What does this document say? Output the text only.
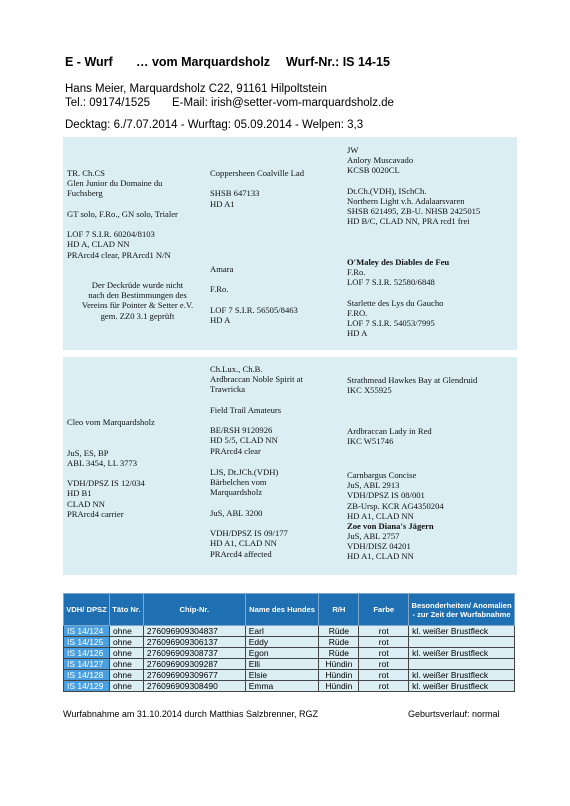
E - Wurf … vom Marquardsholz Wurf-Nr.: IS 14-15
Hans Meier, Marquardsholz C22, 91161 Hilpoltstein
Tel.: 09174/1525 E-Mail: irish@setter-vom-marquardsholz.de
Decktag: 6./7.07.2014 - Wurftag: 05.09.2014 - Welpen: 3,3
TR. Ch.CS
Glen Junior du Domaine du
Fuchsberg

GT solo, F.Ro., GN solo, Trialer

LOF 7 S.I.R. 60204/8103
HD A, CLAD NN
PRArcd4 clear, PRArcd1 N/N
Der Deckrüde wurde nicht
nach den Bestimmungen des
Vereins für Pointer & Setter e.V.
gem. ZZ0 3.1 geprüft
Coppersheen Coalville Lad

SHSB 647133
HD A1
Amara

F.Ro.

LOF 7 S.I.R. 56505/8463
HD A
JW
Anlory Muscavado
KCSB 0020CL

Dt.Ch.(VDH), ISchCh.
Northern Light v.h. Adalaarsvaren
SHSB 621495, ZB-U. NHSB 2425015
HD B/C, CLAD NN, PRA rcd1 frei
O'Maley des Diables de Feu
F.Ro.
LOF 7 S.I.R. 52580/6848

Starlette des Lys du Gaucho
F.RO.
LOF 7 S.I.R. 54053/7995
HD A
Cleo vom Marquardsholz

JuS, ES, BP
ABL 3454, LL 3773

VDH/DPSZ IS 12/034
HD B1
CLAD NN
PRArcd4 carrier
Ch.Lux., Ch.B.
Ardbraccan Noble Spirit at
Trawricka

Field Trail Amateurs

BE/RSH 9120926
HD 5/5, CLAD NN
PRArcd4 clear
LJS, Dt.JCh.(VDH)
Bärbelchen vom
Marquardsholz

JuS, ABL 3200

VDH/DPSZ IS 09/177
HD A1, CLAD NN
PRArcd4 affected
Strathmead Hawkes Bay at Glendruid
IKC X55925

Ardbraccan Lady in Red
IKC W51746
Carnbargus Concise
JuS, ABL 2913
VDH/DPSZ IS 08/001
ZB-Ursp. KCR AG4350204
HD A1, CLAD NN
Zoe von Diana's Jägern
JuS, ABL 2757
VDH/DISZ 04201
HD A1, CLAD NN
VDH/ DPSZ	Täto Nr.	Chip-Nr.	Name des Hundes	R/H	Farbe	Besonderheiten/ Anomalien - zur Zeit der Wurfabnahme
IS 14/124	ohne	276096909304837	Earl	Rüde	rot	kl. weißer Brustfleck
IS 14/125	ohne	276096909306137	Eddy	Rüde	rot	
IS 14/126	ohne	276096909308737	Egon	Rüde	rot	kl. weißer Brustfleck
IS 14/127	ohne	276096909309287	Elli	Hündin	rot	
IS 14/128	ohne	276096909309677	Elsie	Hündin	rot	kl. weißer Brustfleck
IS 14/129	ohne	276096909308490	Emma	Hündin	rot	kl. weißer Brustfleck
Wurfabnahme am 31.10.2014 durch Matthias Salzbrenner, RGZ	Geburtsverlauf: normal
